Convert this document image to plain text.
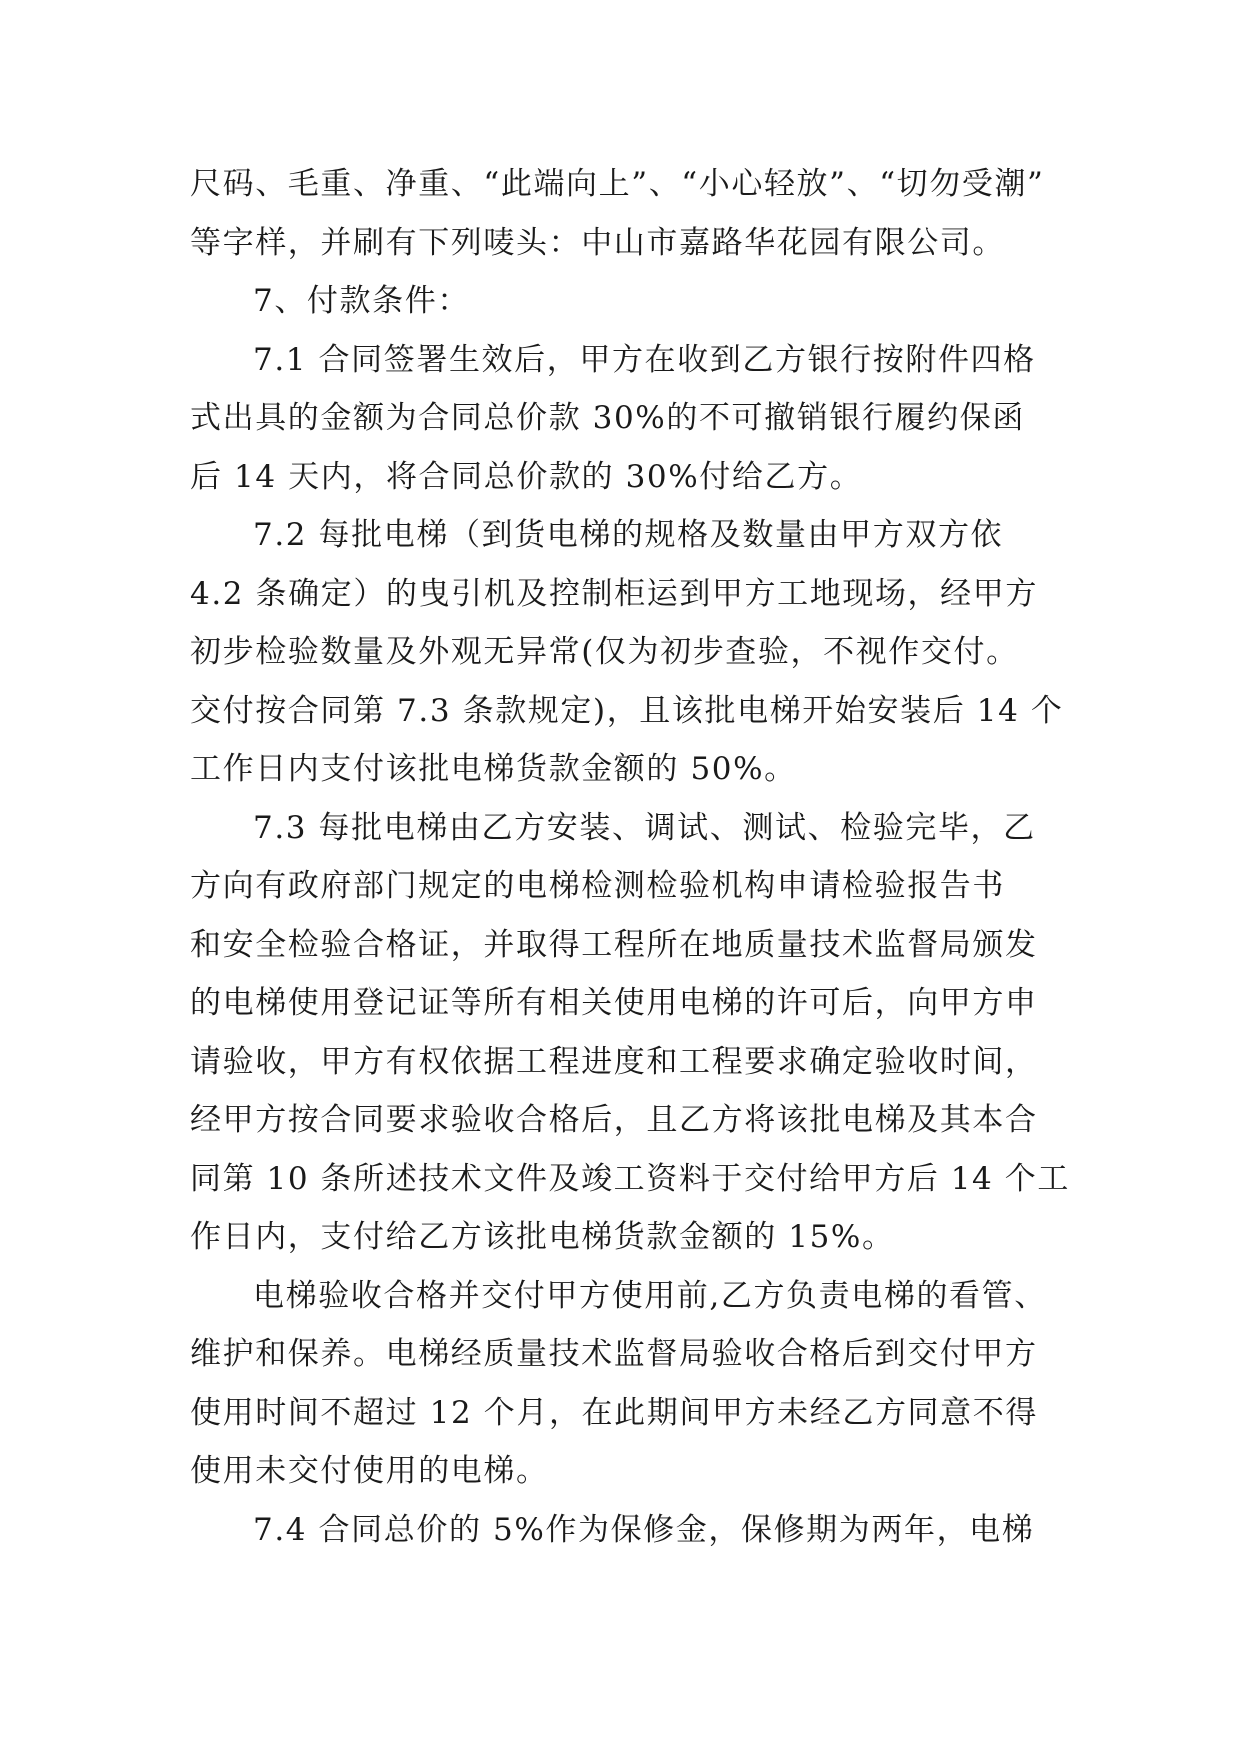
尺码、毛重、净重、“此端向上”、“小心轻放”、“切勿受潮”
等字样，并刷有下列唛头：中山市嘉路华花园有限公司。
7、付款条件：
7.1 合同签署生效后，甲方在收到乙方银行按附件四格
式出具的金额为合同总价款 30%的不可撤销银行履约保函
后 14 天内，将合同总价款的 30%付给乙方。
7.2 每批电梯（到货电梯的规格及数量由甲方双方依
4.2 条确定）的曳引机及控制柜运到甲方工地现场，经甲方
初步检验数量及外观无异常(仅为初步查验，不视作交付。
交付按合同第 7.3 条款规定)，且该批电梯开始安装后 14 个
工作日内支付该批电梯货款金额的 50%。
7.3 每批电梯由乙方安装、调试、测试、检验完毕，乙
方向有政府部门规定的电梯检测检验机构申请检验报告书
和安全检验合格证，并取得工程所在地质量技术监督局颁发
的电梯使用登记证等所有相关使用电梯的许可后，向甲方申
请验收，甲方有权依据工程进度和工程要求确定验收时间，
经甲方按合同要求验收合格后，且乙方将该批电梯及其本合
同第 10 条所述技术文件及竣工资料于交付给甲方后 14 个工
作日内，支付给乙方该批电梯货款金额的 15%。
电梯验收合格并交付甲方使用前,乙方负责电梯的看管、
维护和保养。电梯经质量技术监督局验收合格后到交付甲方
使用时间不超过 12 个月，在此期间甲方未经乙方同意不得
使用未交付使用的电梯。
7.4 合同总价的 5%作为保修金，保修期为两年，电梯
